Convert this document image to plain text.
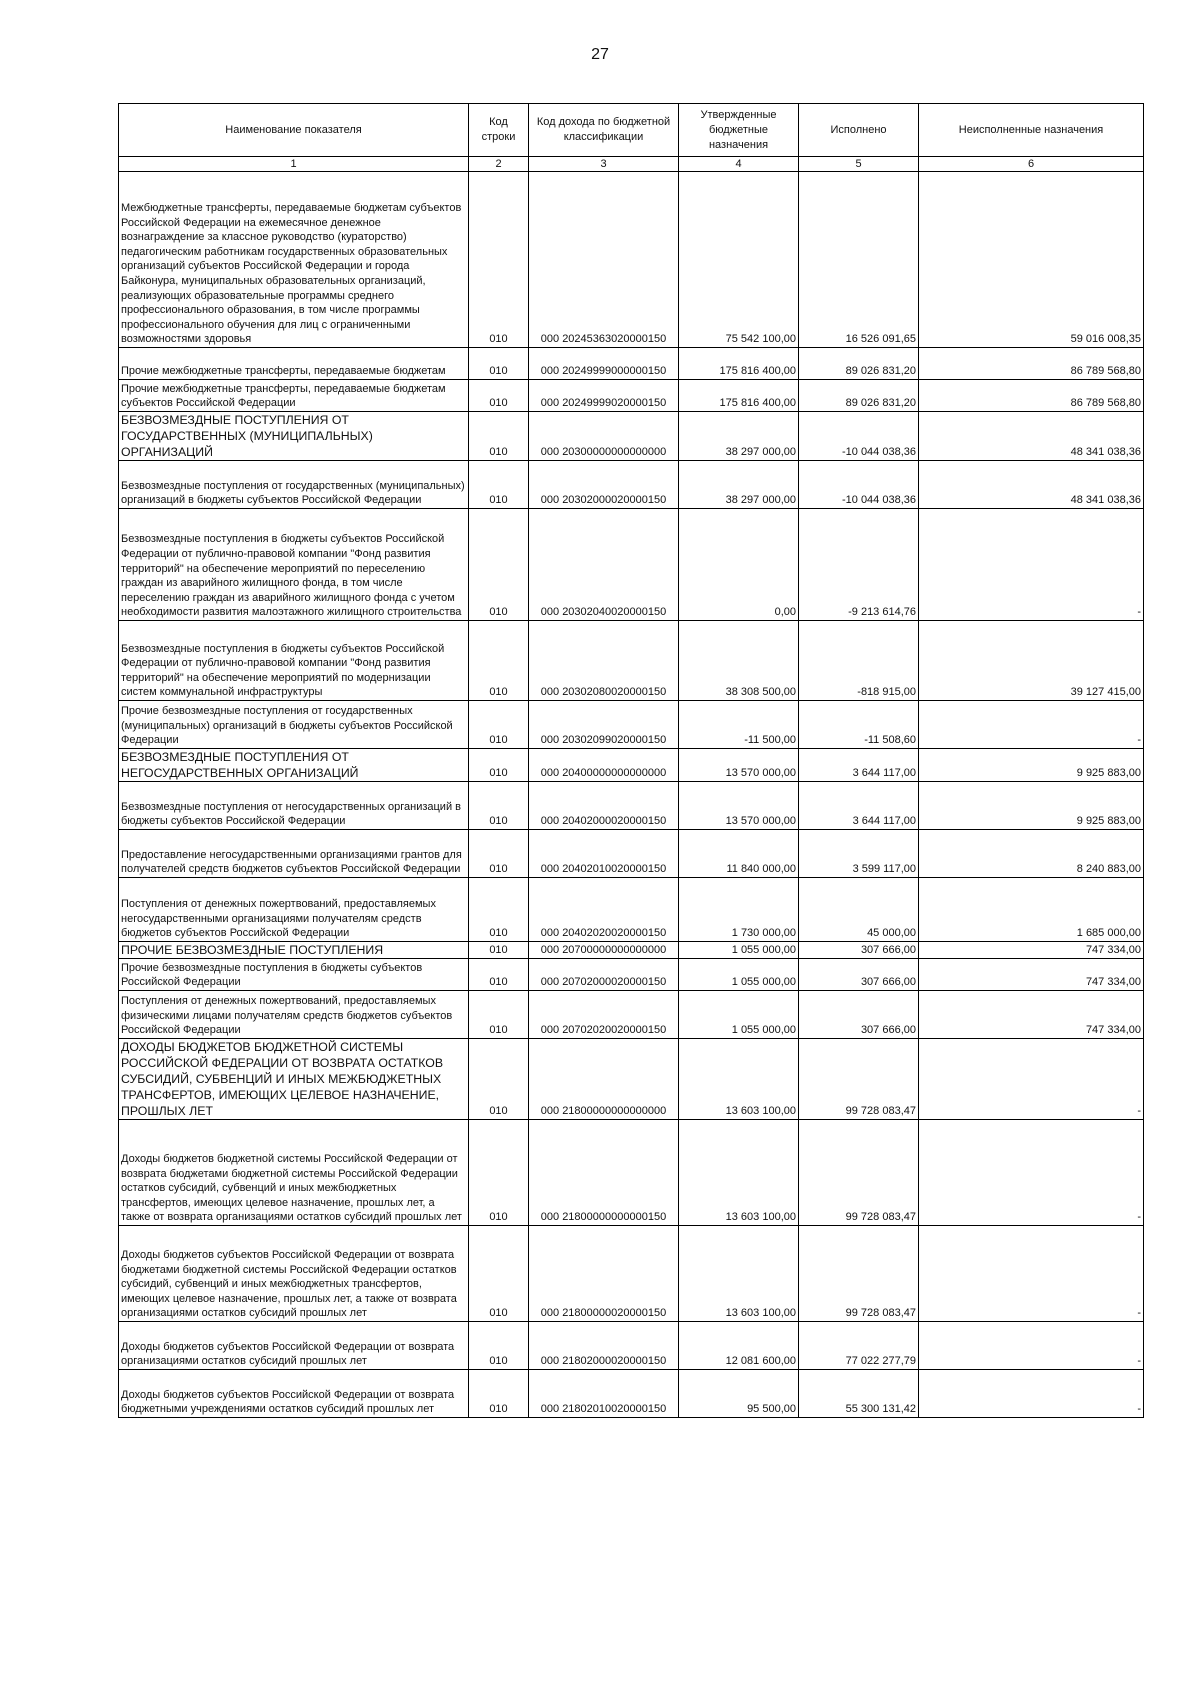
27
Наименование показателя	Код строки	Код дохода по бюджетной классификации	Утвержденные бюджетные назначения	Исполнено	Неисполненные назначения
1	2	3	4	5	6
Межбюджетные трансферты, передаваемые бюджетам субъектов Российской Федерации на ежемесячное денежное вознаграждение за классное руководство (кураторство) педагогическим работникам государственных образовательных организаций субъектов Российской Федерации и города Байконура, муниципальных образовательных организаций, реализующих образовательные программы среднего профессионального образования, в том числе программы профессионального обучения для лиц с ограниченными возможностями здоровья	010	000 20245363020000150	75 542 100,00	16 526 091,65	59 016 008,35
Прочие межбюджетные трансферты, передаваемые бюджетам	010	000 20249999000000150	175 816 400,00	89 026 831,20	86 789 568,80
Прочие межбюджетные трансферты, передаваемые бюджетам субъектов Российской Федерации	010	000 20249999020000150	175 816 400,00	89 026 831,20	86 789 568,80
БЕЗВОЗМЕЗДНЫЕ ПОСТУПЛЕНИЯ ОТ ГОСУДАРСТВЕННЫХ (МУНИЦИПАЛЬНЫХ) ОРГАНИЗАЦИЙ	010	000 20300000000000000	38 297 000,00	-10 044 038,36	48 341 038,36
Безвозмездные поступления от государственных (муниципальных) организаций в бюджеты субъектов Российской Федерации	010	000 20302000020000150	38 297 000,00	-10 044 038,36	48 341 038,36
Безвозмездные поступления в бюджеты субъектов Российской Федерации от публично-правовой компании "Фонд развития территорий" на обеспечение мероприятий по переселению граждан из аварийного жилищного фонда, в том числе переселению граждан из аварийного жилищного фонда с учетом необходимости развития малоэтажного жилищного строительства	010	000 20302040020000150	0,00	-9 213 614,76	-
Безвозмездные поступления в бюджеты субъектов Российской Федерации от публично-правовой компании "Фонд развития территорий" на обеспечение мероприятий по модернизации систем коммунальной инфраструктуры	010	000 20302080020000150	38 308 500,00	-818 915,00	39 127 415,00
Прочие безвозмездные поступления от государственных (муниципальных) организаций в бюджеты субъектов Российской Федерации	010	000 20302099020000150	-11 500,00	-11 508,60	-
БЕЗВОЗМЕЗДНЫЕ ПОСТУПЛЕНИЯ ОТ НЕГОСУДАРСТВЕННЫХ ОРГАНИЗАЦИЙ	010	000 20400000000000000	13 570 000,00	3 644 117,00	9 925 883,00
Безвозмездные поступления от негосударственных организаций в бюджеты субъектов Российской Федерации	010	000 20402000020000150	13 570 000,00	3 644 117,00	9 925 883,00
Предоставление негосударственными организациями грантов для получателей средств бюджетов субъектов Российской Федерации	010	000 20402010020000150	11 840 000,00	3 599 117,00	8 240 883,00
Поступления от денежных пожертвований, предоставляемых негосударственными организациями получателям средств бюджетов субъектов Российской Федерации	010	000 20402020020000150	1 730 000,00	45 000,00	1 685 000,00
ПРОЧИЕ БЕЗВОЗМЕЗДНЫЕ ПОСТУПЛЕНИЯ	010	000 20700000000000000	1 055 000,00	307 666,00	747 334,00
Прочие безвозмездные поступления в бюджеты субъектов Российской Федерации	010	000 20702000020000150	1 055 000,00	307 666,00	747 334,00
Поступления от денежных пожертвований, предоставляемых физическими лицами получателям средств бюджетов субъектов Российской Федерации	010	000 20702020020000150	1 055 000,00	307 666,00	747 334,00
ДОХОДЫ БЮДЖЕТОВ БЮДЖЕТНОЙ СИСТЕМЫ РОССИЙСКОЙ ФЕДЕРАЦИИ ОТ ВОЗВРАТА ОСТАТКОВ СУБСИДИЙ, СУБВЕНЦИЙ И ИНЫХ МЕЖБЮДЖЕТНЫХ ТРАНСФЕРТОВ, ИМЕЮЩИХ ЦЕЛЕВОЕ НАЗНАЧЕНИЕ, ПРОШЛЫХ ЛЕТ	010	000 21800000000000000	13 603 100,00	99 728 083,47	-
Доходы бюджетов бюджетной системы Российской Федерации от возврата бюджетами бюджетной системы Российской Федерации остатков субсидий, субвенций и иных межбюджетных трансфертов, имеющих целевое назначение, прошлых лет, а также от возврата организациями остатков субсидий прошлых лет	010	000 21800000000000150	13 603 100,00	99 728 083,47	-
Доходы бюджетов субъектов Российской Федерации от возврата бюджетами бюджетной системы Российской Федерации остатков субсидий, субвенций и иных межбюджетных трансфертов, имеющих целевое назначение, прошлых лет, а также от возврата организациями остатков субсидий прошлых лет	010	000 21800000020000150	13 603 100,00	99 728 083,47	-
Доходы бюджетов субъектов Российской Федерации от возврата организациями остатков субсидий прошлых лет	010	000 21802000020000150	12 081 600,00	77 022 277,79	-
Доходы бюджетов субъектов Российской Федерации от возврата бюджетными учреждениями остатков субсидий прошлых лет	010	000 21802010020000150	95 500,00	55 300 131,42	-
